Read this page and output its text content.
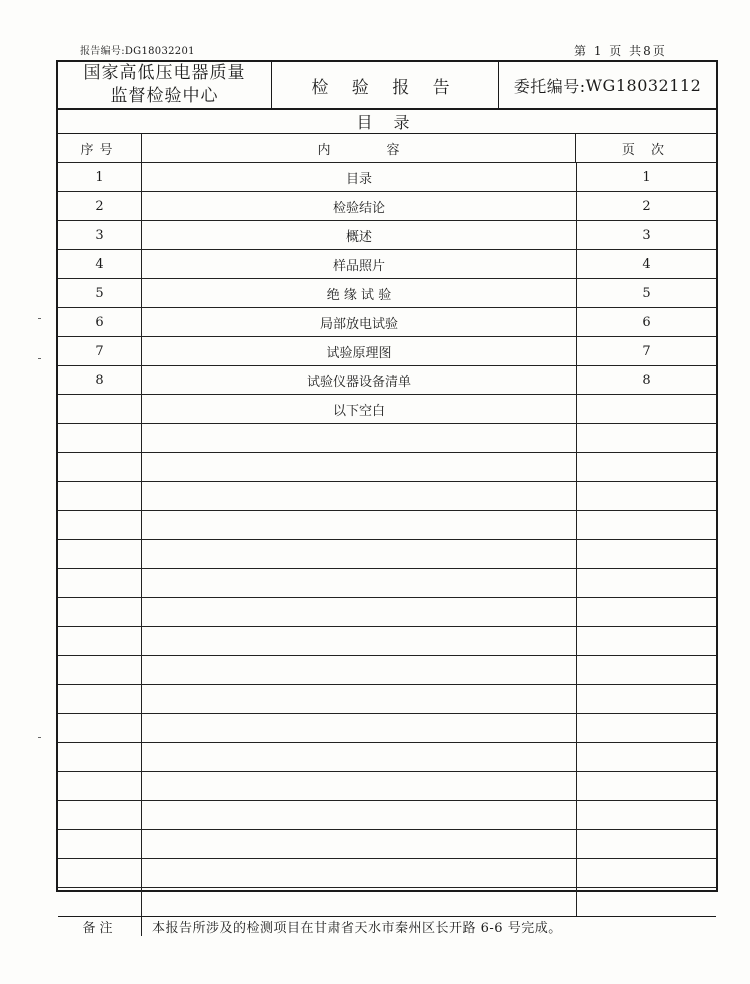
报告编号:DG18032201	第 1 页 共8页
国家高低压电器质量
监督检验中心	检 验 报 告	委托编号: WG18032112
目 录
序号	内容	页 次
1	目录	1
2	检验结论	2
3	概述	3
4	样品照片	4
5	绝 缘 试 验	5
6	局部放电试验	6
7	试验原理图	7
8	试验仪器设备清单	8
以下空白
备注	本报告所涉及的检测项目在甘肃省天水市秦州区长开路 6-6 号完成。
